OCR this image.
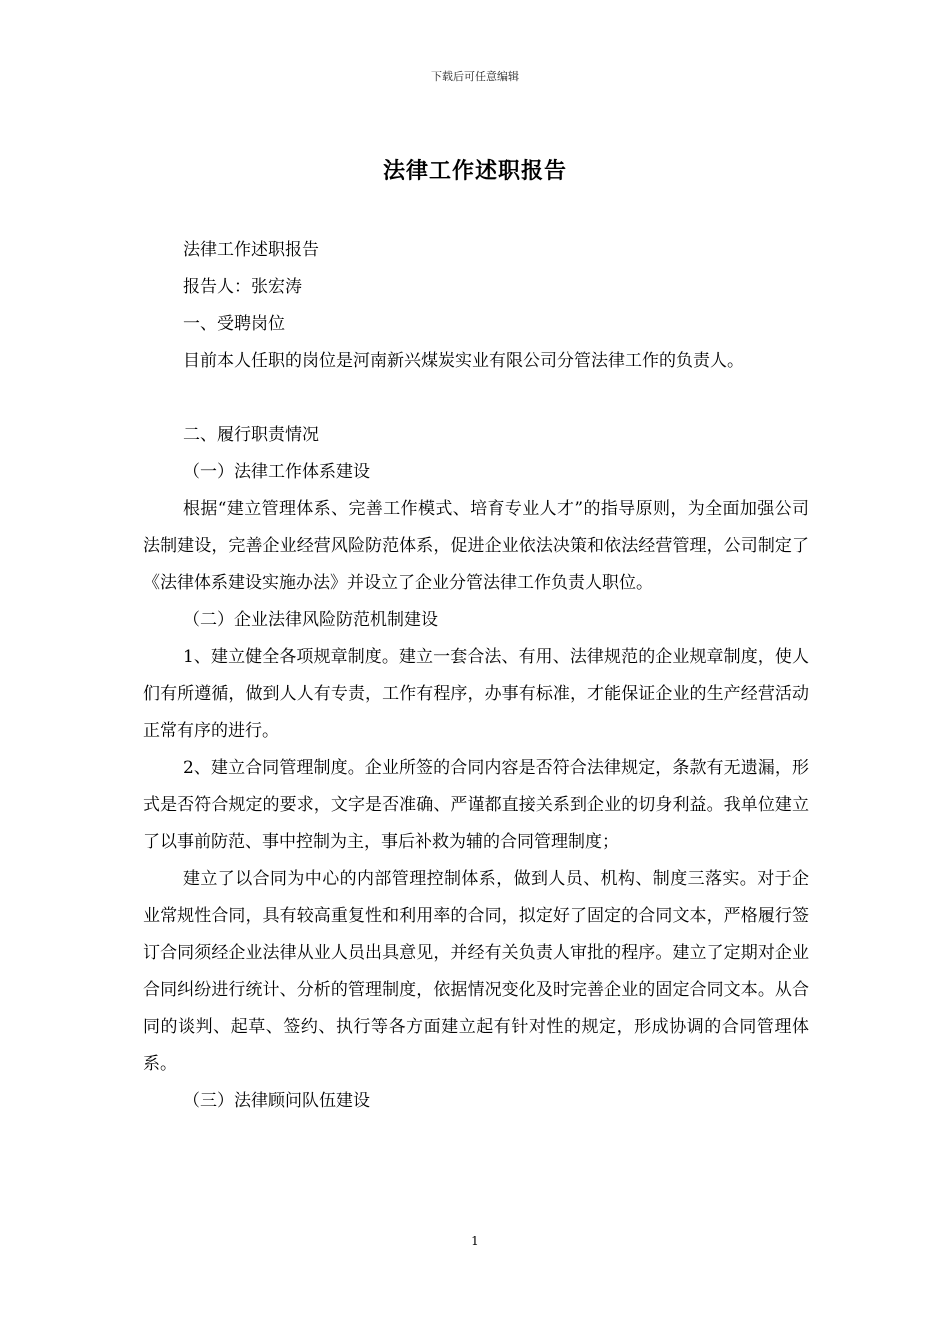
下载后可任意编辑
法律工作述职报告

法律工作述职报告

报告人：张宏涛

一、受聘岗位

目前本人任职的岗位是河南新兴煤炭实业有限公司分管法律工作的负责人。

二、履行职责情况

（一）法律工作体系建设

根据“建立管理体系、完善工作模式、培育专业人才”的指导原则，为全面加强公司法制建设，完善企业经营风险防范体系，促进企业依法决策和依法经营管理，公司制定了《法律体系建设实施办法》并设立了企业分管法律工作负责人职位。

（二）企业法律风险防范机制建设

1、建立健全各项规章制度。建立一套合法、有用、法律规范的企业规章制度，使人们有所遵循，做到人人有专责，工作有程序，办事有标准，才能保证企业的生产经营活动正常有序的进行。

2、建立合同管理制度。企业所签的合同内容是否符合法律规定，条款有无遗漏，形式是否符合规定的要求，文字是否准确、严谨都直接关系到企业的切身利益。我单位建立了以事前防范、事中控制为主，事后补救为辅的合同管理制度；

建立了以合同为中心的内部管理控制体系，做到人员、机构、制度三落实。对于企业常规性合同，具有较高重复性和利用率的合同，拟定好了固定的合同文本，严格履行签订合同须经企业法律从业人员出具意见，并经有关负责人审批的程序。建立了定期对企业合同纠纷进行统计、分析的管理制度，依据情况变化及时完善企业的固定合同文本。从合同的谈判、起草、签约、执行等各方面建立起有针对性的规定，形成协调的合同管理体系。

（三）法律顾问队伍建设

1
